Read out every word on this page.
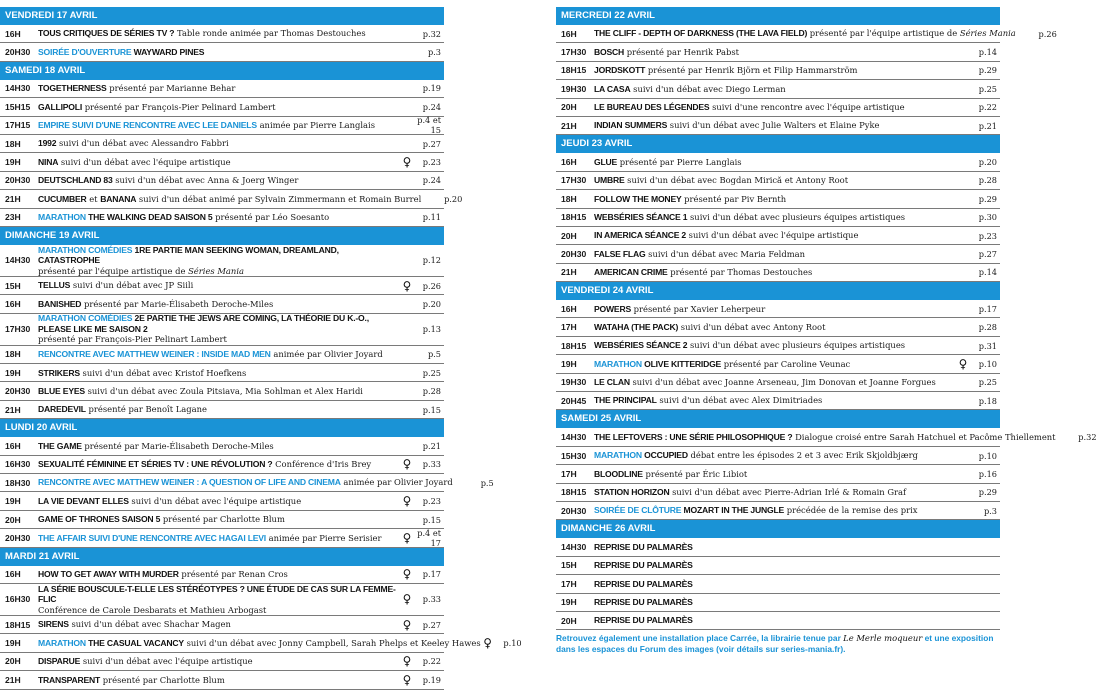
VENDREDI 17 AVRIL
16H	TOUS CRITIQUES DE SÉRIES TV ? Table ronde animée par Thomas Destouches	p.32
20H30 SOIRÉE D'OUVERTURE WAYWARD PINES	p.3
SAMEDI 18 AVRIL
14H30 TOGETHERNESS présenté par Marianne Behar	p.19
15H15 GALLIPOLI présenté par François-Pier Pelinard Lambert	p.24
17H15 EMPIRE SUIVI D'UNE RENCONTRE AVEC LEE DANIELS animée par Pierre Langlais	p.4 et 15
18H	1992 suivi d'un débat avec Alessandro Fabbri	p.27
19H	NINA suivi d'un débat avec l'équipe artistique	♀	p.23
20H30 DEUTSCHLAND 83 suivi d'un débat avec Anna & Joerg Winger	p.24
21H	CUCUMBER et BANANA suivi d'un débat animé par Sylvain Zimmermann et Romain Burrel	p.20
23H	MARATHON THE WALKING DEAD SAISON 5 présenté par Léo Soesanto	p.11
DIMANCHE 19 AVRIL
14H30
MARATHON COMÉDIES 1RE PARTIE MAN SEEKING WOMAN, DREAMLAND, CATASTROPHE
présenté par l'équipe artistique de Séries Mania
p.12
15H	TELLUS suivi d'un débat avec JP Siili	♀	p.26
16H	BANISHED présenté par Marie-Élisabeth Deroche-Miles	p.20
17H30
MARATHON COMÉDIES 2E PARTIE THE JEWS ARE COMING, LA THÉORIE DU K.-O., PLEASE LIKE ME SAISON 2
présenté par François-Pier Pelinart Lambert
p.13
18H	RENCONTRE AVEC MATTHEW WEINER : INSIDE MAD MEN animée par Olivier Joyard	p.5
19H	STRIKERS suivi d'un débat avec Kristof Hoefkens	p.25
20H30 BLUE EYES suivi d'un débat avec Zoula Pitsiava, Mia Sohlman et Alex Haridi	p.28
21H	DAREDEVIL présenté par Benoît Lagane	p.15
LUNDI 20 AVRIL
16H	THE GAME présenté par Marie-Élisabeth Deroche-Miles	p.21
16H30 SEXUALITÉ FÉMININE ET SÉRIES TV : UNE RÉVOLUTION ? Conférence d'Iris Brey	♀	p.33
18H30 RENCONTRE AVEC MATTHEW WEINER : A QUESTION OF LIFE AND CINEMA animée par Olivier Joyard	p.5
19H	LA VIE DEVANT ELLES suivi d'un débat avec l'équipe artistique	♀	p.23
20H	GAME OF THRONES SAISON 5 présenté par Charlotte Blum	p.15
20H30 THE AFFAIR SUIVI D'UNE RENCONTRE AVEC HAGAI LEVI animée par Pierre Serisier	♀ p.4 et 17
MARDI 21 AVRIL
16H	HOW TO GET AWAY WITH MURDER présenté par Renan Cros	♀	p.17
16H30
LA SÉRIE BOUSCULE-T-ELLE LES STÉRÉOTYPES ? UNE ÉTUDE DE CAS SUR LA FEMME-FLIC
Conférence de Carole Desbarats et Mathieu Arbogast
♀	p.33
18H15 SIRENS suivi d'un débat avec Shachar Magen	♀	p.27
19H	MARATHON THE CASUAL VACANCY suivi d'un débat avec Jonny Campbell, Sarah Phelps et Keeley Hawes ♀	p.10
20H	DISPARUE suivi d'un débat avec l'équipe artistique	♀	p.22
21H	TRANSPARENT présenté par Charlotte Blum	♀	p.19
MERCREDI 22 AVRIL
16H	THE CLIFF - DEPTH OF DARKNESS (THE LAVA FIELD) présenté par l'équipe artistique de Séries Mania	p.26
17H30 BOSCH présenté par Henrik Pabst	p.14
18H15 JORDSKOTT présenté par Henrik Björn et Filip Hammarström	p.29
19H30 LA CASA suivi d'un débat avec Diego Lerman	p.25
20H	LE BUREAU DES LÉGENDES suivi d'une rencontre avec l'équipe artistique	p.22
21H	INDIAN SUMMERS suivi d'un débat avec Julie Walters et Elaine Pyke	p.21
JEUDI 23 AVRIL
16H	GLUE présenté par Pierre Langlais	p.20
17H30 UMBRE suivi d'un débat avec Bogdan Mirică et Antony Root	p.28
18H	FOLLOW THE MONEY présenté par Piv Bernth	p.29
18H15 WEBSÉRIES SÉANCE 1 suivi d'un débat avec plusieurs équipes artistiques	p.30
20H	IN AMERICA SÉANCE 2 suivi d'un débat avec l'équipe artistique	p.23
20H30 FALSE FLAG suivi d'un débat avec Maria Feldman	p.27
21H	AMERICAN CRIME présenté par Thomas Destouches	p.14
VENDREDI 24 AVRIL
16H	POWERS présenté par Xavier Leherpeur	p.17
17H	WATAHA (THE PACK) suivi d'un débat avec Antony Root	p.28
18H15 WEBSÉRIES SÉANCE 2 suivi d'un débat avec plusieurs équipes artistiques	p.31
19H	MARATHON OLIVE KITTERIDGE présenté par Caroline Veunac	♀	p.10
19H30 LE CLAN suivi d'un débat avec Joanne Arseneau, Jim Donovan et Joanne Forgues	p.25
20H45 THE PRINCIPAL suivi d'un débat avec Alex Dimitriades	p.18
SAMEDI 25 AVRIL
14H30 THE LEFTOVERS : UNE SÉRIE PHILOSOPHIQUE ? Dialogue croisé entre Sarah Hatchuel et Pacôme Thiellement	p.32
15H30 MARATHON OCCUPIED débat entre les épisodes 2 et 3 avec Erik Skjoldbjærg	p.10
17H	BLOODLINE présenté par Éric Libiot	p.16
18H15 STATION HORIZON suivi d'un débat avec Pierre-Adrian Irlé & Romain Graf	p.29
20H30 SOIRÉE DE CLÔTURE MOZART IN THE JUNGLE précédée de la remise des prix	p.3
DIMANCHE 26 AVRIL
14H30 REPRISE DU PALMARÈS
15H	REPRISE DU PALMARÈS
17H	REPRISE DU PALMARÈS
19H	REPRISE DU PALMARÈS
20H	REPRISE DU PALMARÈS
Retrouvez également une installation place Carrée, la librairie tenue par Le Merle moqueur et une exposition dans les espaces du Forum des images (voir détails sur series-mania.fr).
